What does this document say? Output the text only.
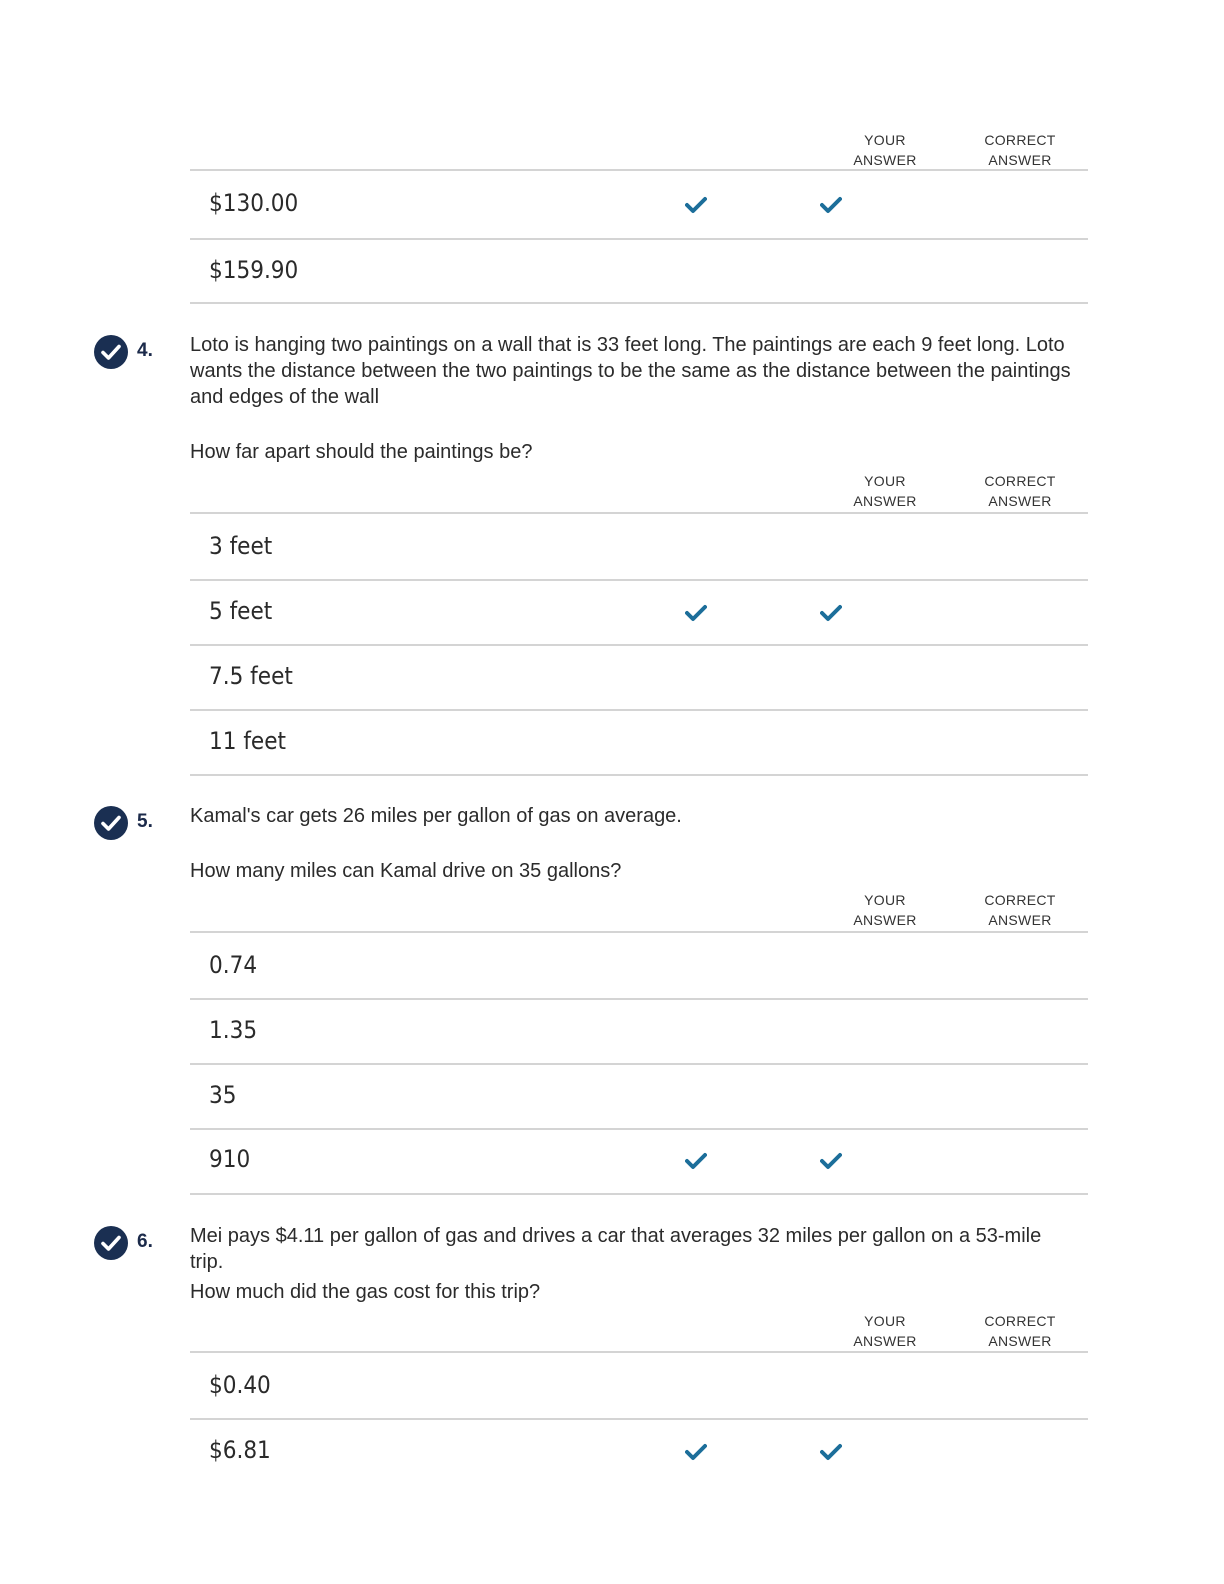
YOUR
ANSWER
CORRECT
ANSWER
$130.00
$159.90
4. Loto is hanging two paintings on a wall that is 33 feet long. The paintings are each 9 feet long. Loto wants the distance between the two paintings to be the same as the distance between the paintings and edges of the wall
How far apart should the paintings be?
YOUR
ANSWER
CORRECT
ANSWER
3 feet
5 feet
7.5 feet
11 feet
5. Kamal's car gets 26 miles per gallon of gas on average.
How many miles can Kamal drive on 35 gallons?
YOUR
ANSWER
CORRECT
ANSWER
0.74
1.35
35
910
6. Mei pays $4.11 per gallon of gas and drives a car that averages 32 miles per gallon on a 53-mile trip.
How much did the gas cost for this trip?
YOUR
ANSWER
CORRECT
ANSWER
$0.40
$6.81
